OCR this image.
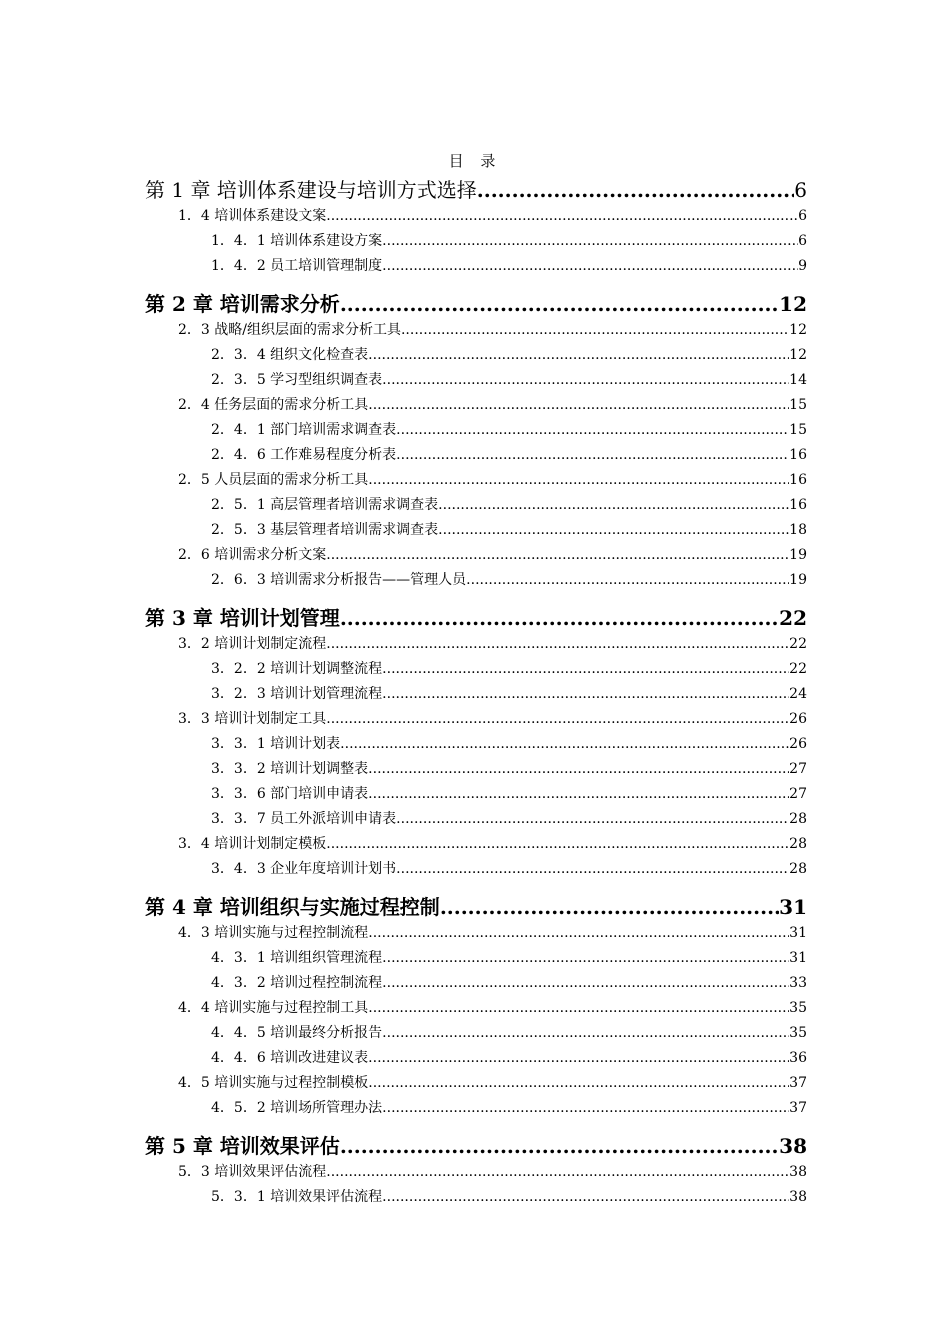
目 录
第 1 章 培训体系建设与培训方式选择 .....	6
1．4 培训体系建设文案 .....	6
1．4．1 培训体系建设方案 .....	6
1．4．2 员工培训管理制度 .....	9
第 2 章 培训需求分析 .....	12
2．3 战略/组织层面的需求分析工具 .....	12
2．3．4 组织文化检查表 .....	12
2．3．5 学习型组织调查表 .....	14
2．4 任务层面的需求分析工具 .....	15
2．4．1 部门培训需求调查表 .....	15
2．4．6 工作难易程度分析表 .....	16
2．5 人员层面的需求分析工具 .....	16
2．5．1 高层管理者培训需求调查表 .....	16
2．5．3 基层管理者培训需求调查表 .....	18
2．6 培训需求分析文案 .....	19
2．6．3 培训需求分析报告——管理人员 .....	19
第 3 章 培训计划管理 .....	22
3．2 培训计划制定流程 .....	22
3．2．2 培训计划调整流程 .....	22
3．2．3 培训计划管理流程 .....	24
3．3 培训计划制定工具 .....	26
3．3．1 培训计划表 .....	26
3．3．2 培训计划调整表 .....	27
3．3．6 部门培训申请表 .....	27
3．3．7 员工外派培训申请表 .....	28
3．4 培训计划制定模板 .....	28
3．4．3 企业年度培训计划书 .....	28
第 4 章 培训组织与实施过程控制 .....	31
4．3 培训实施与过程控制流程 .....	31
4．3．1 培训组织管理流程 .....	31
4．3．2 培训过程控制流程 .....	33
4．4 培训实施与过程控制工具 .....	35
4．4．5 培训最终分析报告 .....	35
4．4．6 培训改进建议表 .....	36
4．5 培训实施与过程控制模板 .....	37
4．5．2 培训场所管理办法 .....	37
第 5 章 培训效果评估 .....	38
5．3 培训效果评估流程 .....	38
5．3．1 培训效果评估流程 .....	38
